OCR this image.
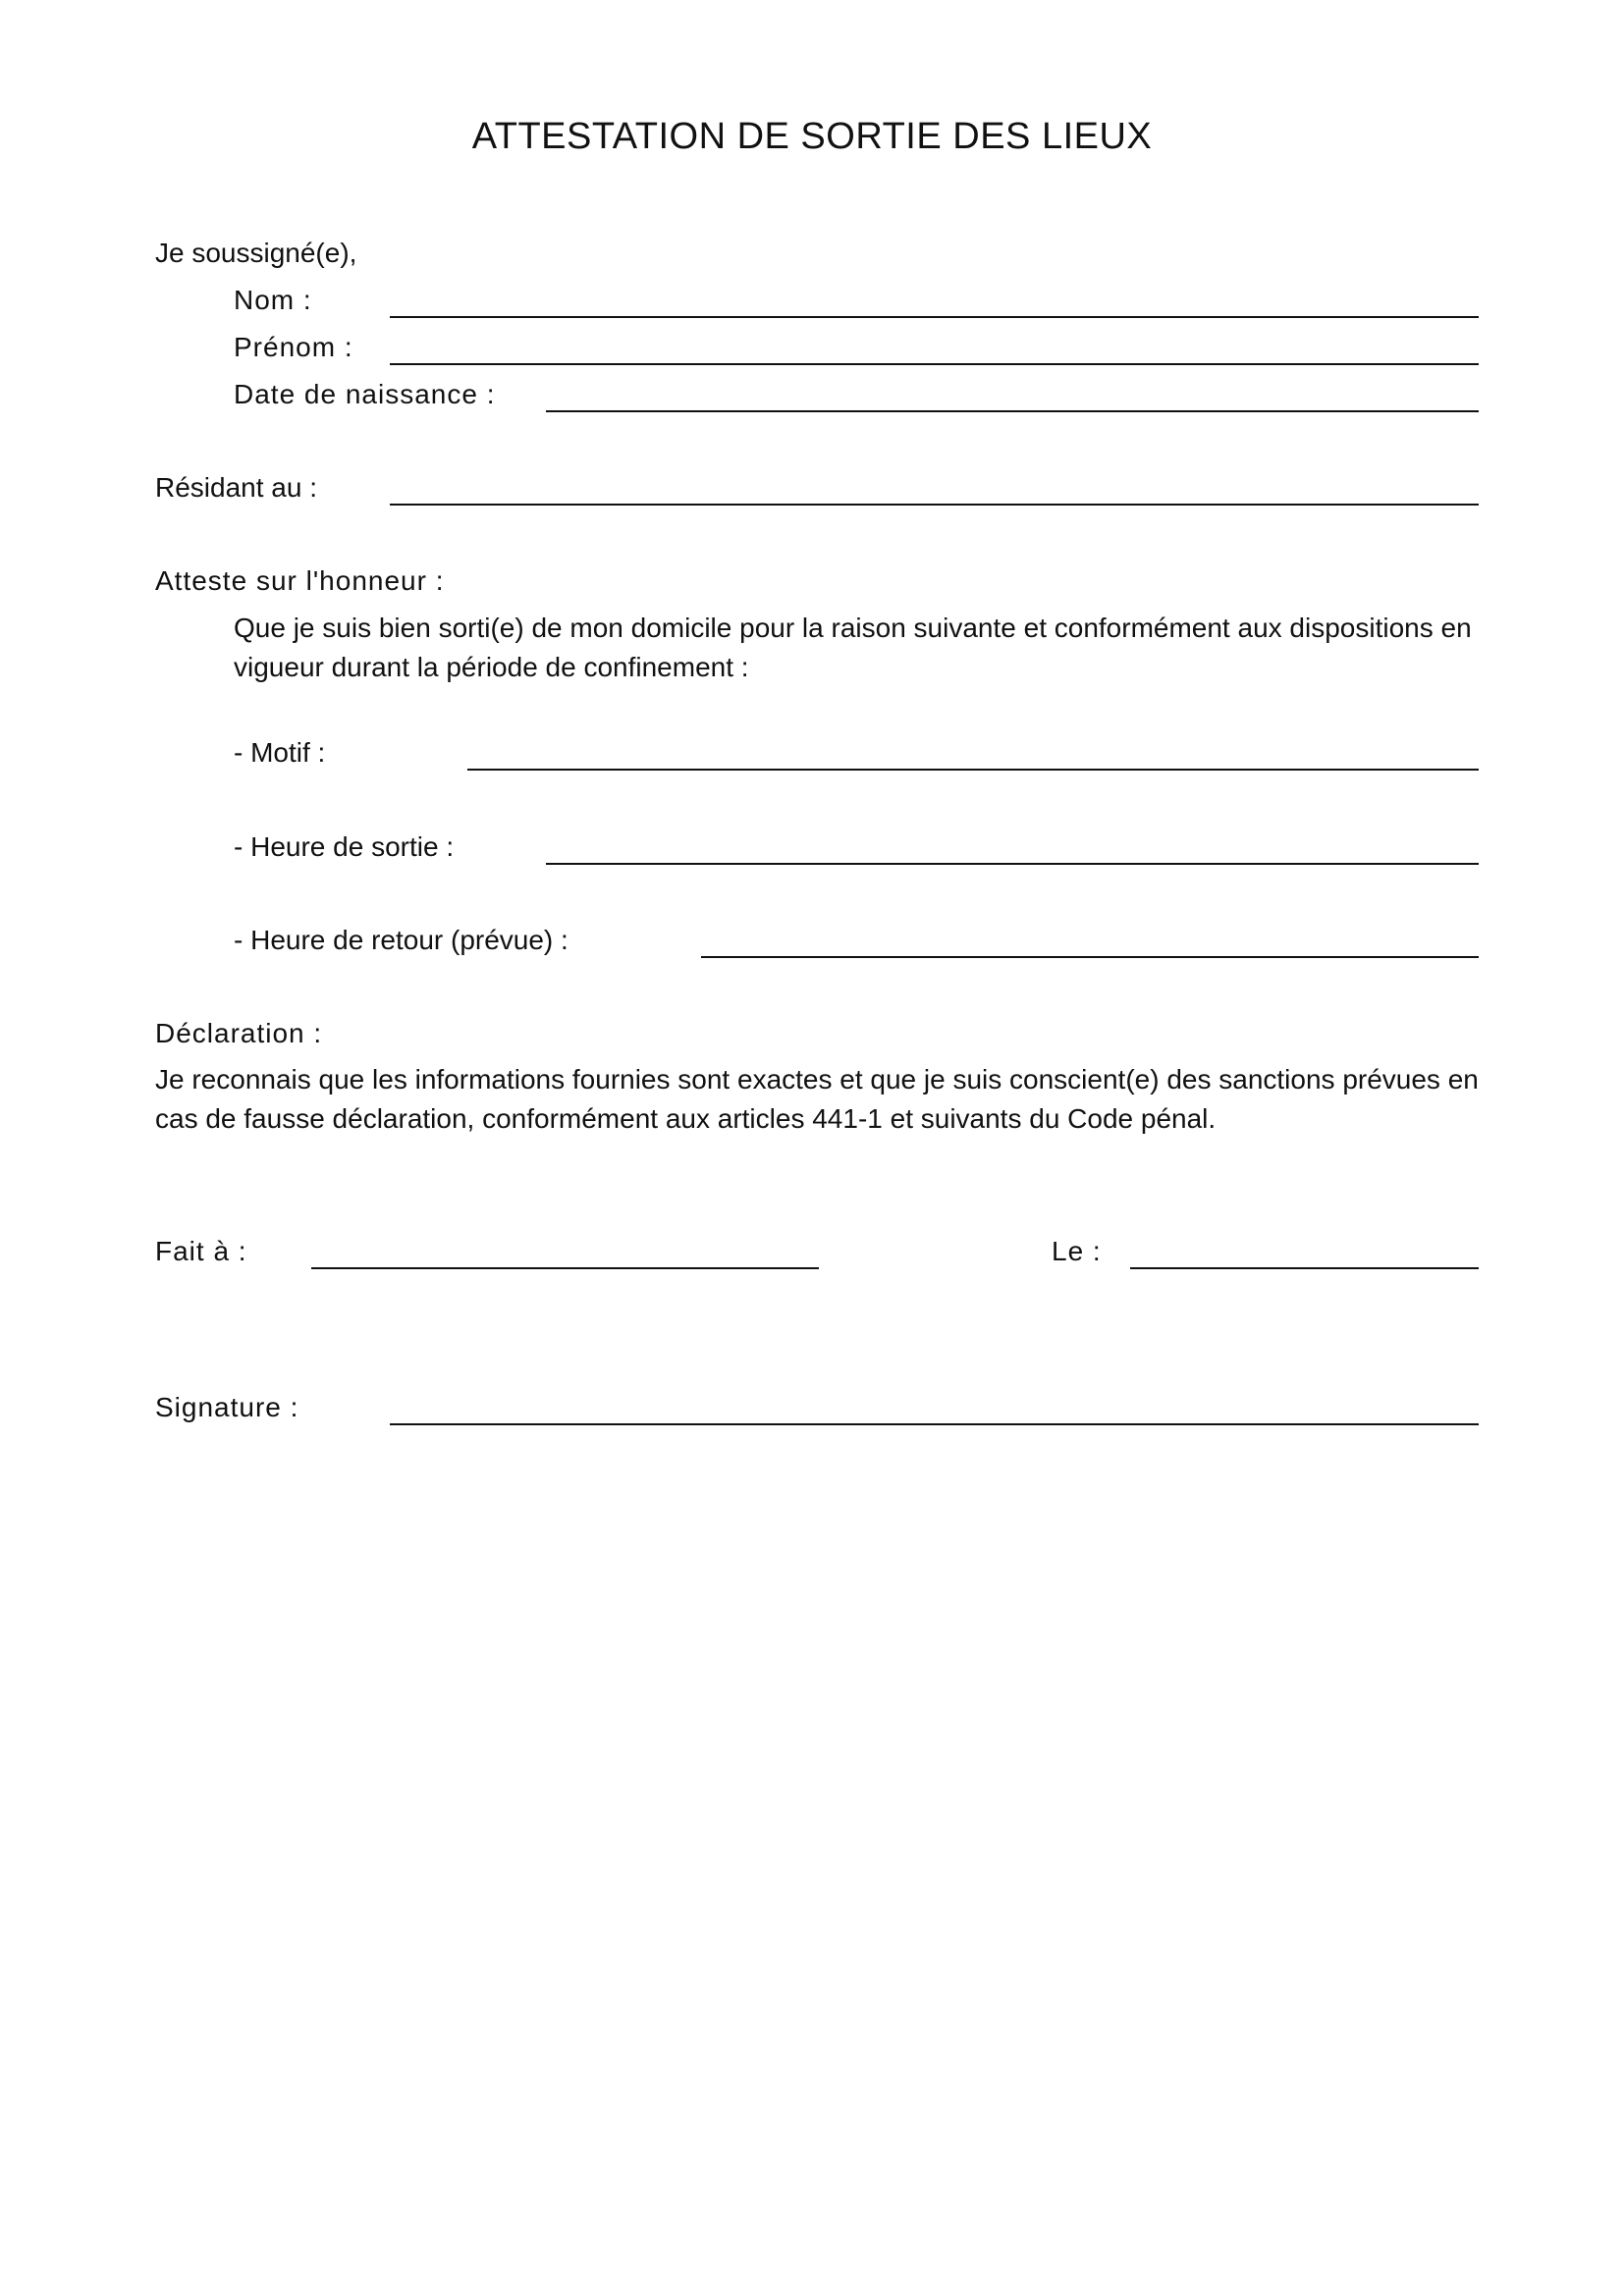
ATTESTATION DE SORTIE DES LIEUX
Je soussigné(e),
Nom :
Prénom :
Date de naissance :
Résidant au :
Atteste sur l'honneur :
Que je suis bien sorti(e) de mon domicile pour la raison suivante et conformément aux dispositions en vigueur durant la période de confinement :
- Motif :
- Heure de sortie :
- Heure de retour (prévue) :
Déclaration :
Je reconnais que les informations fournies sont exactes et que je suis conscient(e) des sanctions prévues en cas de fausse déclaration, conformément aux articles 441-1 et suivants du Code pénal.
Fait à :	Le :
Signature :
